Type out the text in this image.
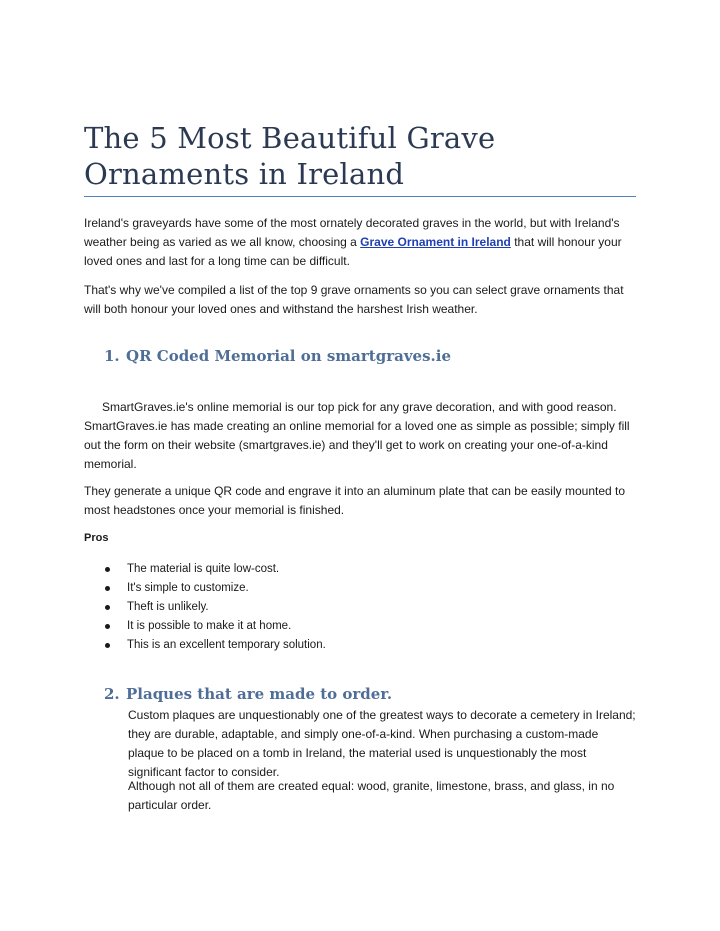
The 5 Most Beautiful Grave Ornaments in Ireland

Ireland's graveyards have some of the most ornately decorated graves in the world, but with Ireland's weather being as varied as we all know, choosing a Grave Ornament in Ireland that will honour your loved ones and last for a long time can be difficult.

That's why we've compiled a list of the top 9 grave ornaments so you can select grave ornaments that will both honour your loved ones and withstand the harshest Irish weather.

1. QR Coded Memorial on smartgraves.ie

SmartGraves.ie's online memorial is our top pick for any grave decoration, and with good reason. SmartGraves.ie has made creating an online memorial for a loved one as simple as possible; simply fill out the form on their website (smartgraves.ie) and they'll get to work on creating your one-of-a-kind memorial.

They generate a unique QR code and engrave it into an aluminum plate that can be easily mounted to most headstones once your memorial is finished.

Pros

The material is quite low-cost.
It's simple to customize.
Theft is unlikely.
It is possible to make it at home.
This is an excellent temporary solution.
2. Plaques that are made to order.

Custom plaques are unquestionably one of the greatest ways to decorate a cemetery in Ireland; they are durable, adaptable, and simply one-of-a-kind. When purchasing a custom-made plaque to be placed on a tomb in Ireland, the material used is unquestionably the most significant factor to consider.

Although not all of them are created equal: wood, granite, limestone, brass, and glass, in no particular order.
